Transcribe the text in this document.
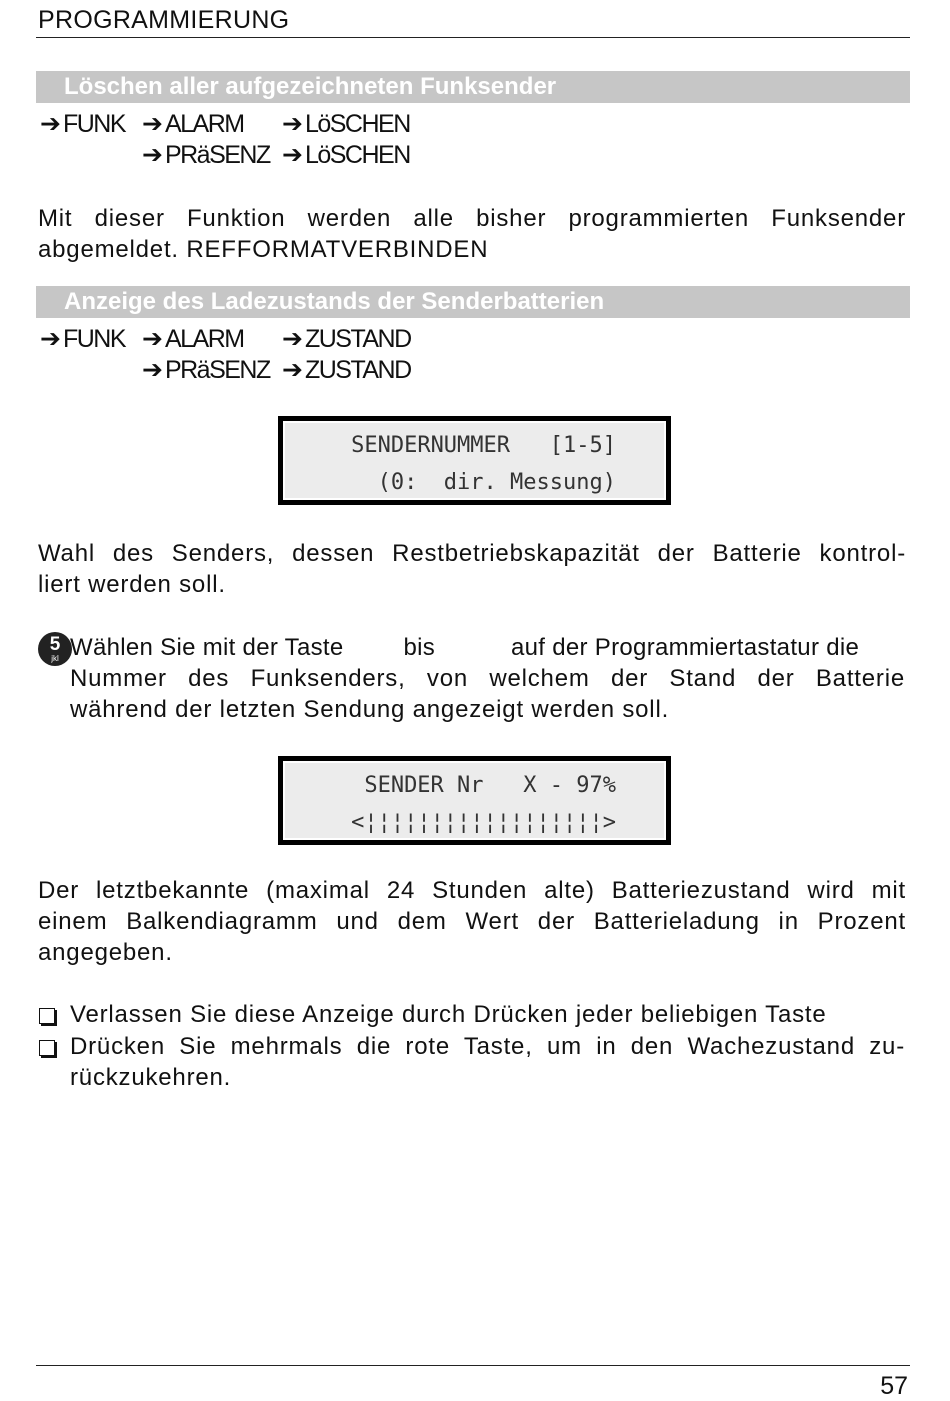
PROGRAMMIERUNG
Löschen aller aufgezeichneten Funksender
➔FUNK ➔ALARM ➔LöSCHEN
➔PRäSENZ ➔LöSCHEN
Mit dieser Funktion werden alle bisher programmierten Funksender
abgemeldet. REFFORMATVERBINDEN
Anzeige des Ladezustands der Senderbatterien
➔FUNK ➔ALARM ➔ZUSTAND
➔PRäSENZ ➔ZUSTAND
SENDERNUMMER   [1-5]
(0:  dir. Messung)
Wahl des Senders, dessen Restbetriebskapazität der Batterie kontrol-
liert werden soll.
5
jkl Wählen Sie mit der Taste bis	auf der Programmiertastatur die
Nummer des Funksenders, von welchem der Stand der Batterie
während der letzten Sendung angezeigt werden soll.
SENDER Nr   X - 97%
<¦¦¦¦¦¦¦¦¦¦¦¦¦¦¦¦¦¦>
Der letztbekannte (maximal 24 Stunden alte) Batteriezustand wird mit
einem Balkendiagramm und dem Wert der Batterieladung in Prozent
angegeben.
Verlassen Sie diese Anzeige durch Drücken jeder beliebigen Taste
Drücken Sie mehrmals die rote Taste, um in den Wachezustand zu-
rückzukehren.
57
